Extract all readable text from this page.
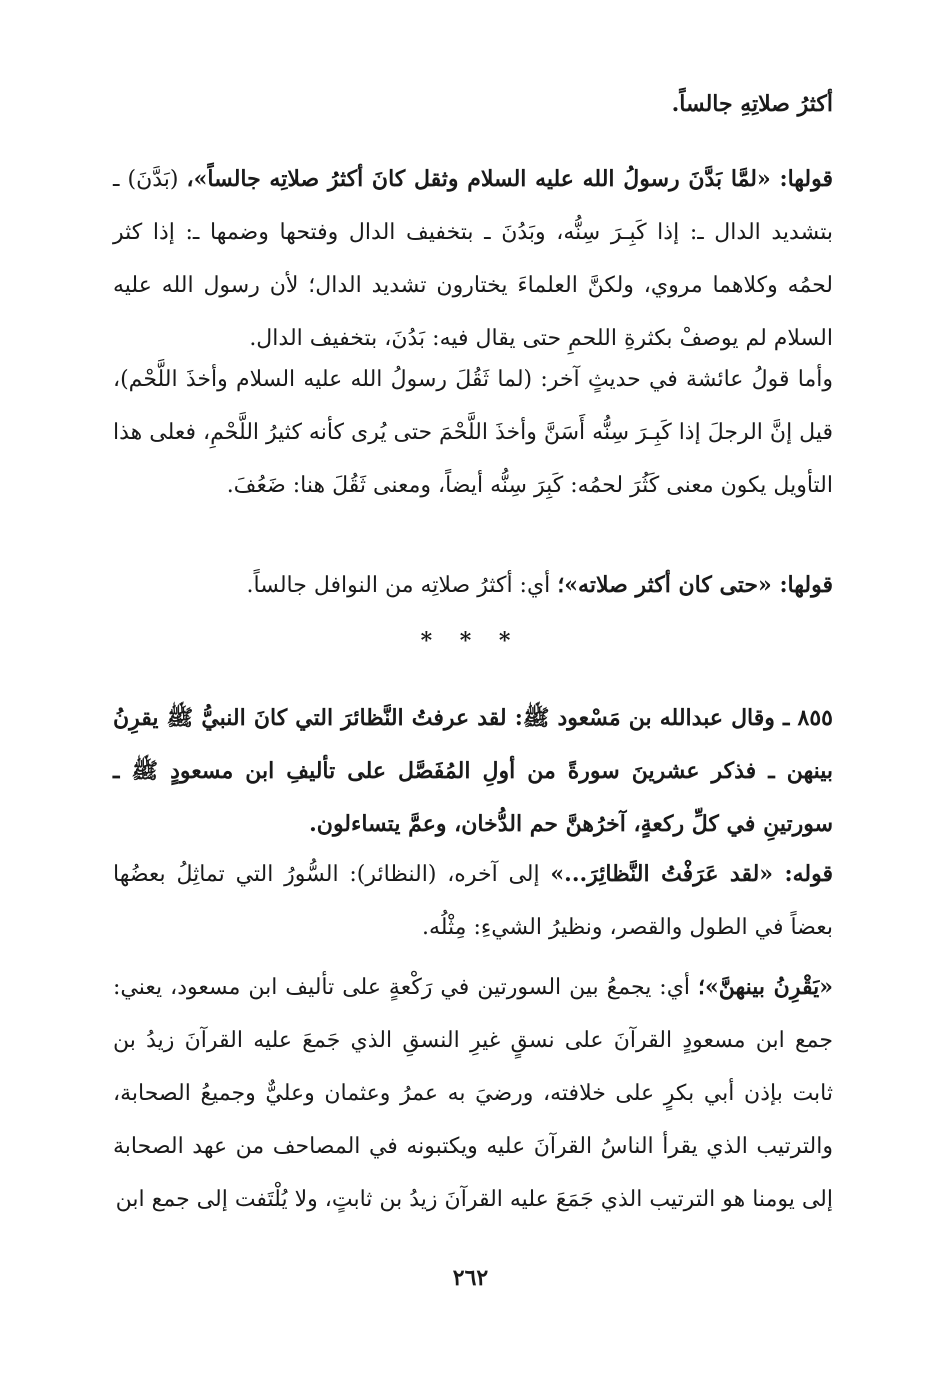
أكثرُ صلاتِهِ جالساً.

قولها: «لمَّا بَدَّنَ رسولُ الله عليه السلام وثقل كانَ أكثرُ صلاتِه جالساً»، (بَدَّنَ) ـ بتشديد الدال ـ: إذا كَبِـرَ سِنُّه، وبَدُنَ ـ بتخفيف الدال وفتحها وضمها ـ: إذا كثر لحمُه وكلاهما مروي، ولكنَّ العلماءَ يختارون تشديد الدال؛ لأن رسول الله عليه السلام لم يوصفْ بكثرةِ اللحمِ حتى يقال فيه: بَدُنَ، بتخفيف الدال.

وأما قولُ عائشة في حديثٍ آخر: (لما ثَقُلَ رسولُ الله عليه السلام وأخذَ اللَّحْم)، قيل إنَّ الرجلَ إذا كَبِـرَ سِنُّه أَسَنَّ وأخذَ اللَّحْمَ حتى يُرى كأنه كثيرُ اللَّحْمِ، فعلى هذا التأويل يكون معنى كَثُرَ لحمُه: كَبِرَ سِنُّه أيضاً، ومعنى ثَقُلَ هنا: ضَعُفَ.

قولها: «حتى كان أكثر صلاته»؛ أي: أكثرُ صلاتِه من النوافل جالساً.

* * *

٨٥٥ ـ وقال عبدالله بن مَسْعود ﷺ: لقد عرفتُ النَّظائرَ التي كانَ النبيُّ ﷺ يقرِنُ بينهن ـ فذكر عشرينَ سورةً من أولِ المُفَصَّل على تأليفِ ابن مسعودٍ ﷺ ـ سورتينِ في كلِّ ركعةٍ، آخرُهنَّ حم الدُّخان، وعمَّ يتساءلون.

قوله: «لقد عَرَفْتُ النَّظائِرَ...» إلى آخره، (النظائر): السُّورُ التي تماثِلُ بعضُها بعضاً في الطول والقصر، ونظيرُ الشيءِ: مِثْلُه.

«يَقْرِنُ بينهنَّ»؛ أي: يجمعُ بين السورتين في رَكْعةٍ على تأليف ابن مسعود، يعني: جمع ابن مسعودٍ القرآنَ على نسقٍ غيرِ النسقِ الذي جَمعَ عليه القرآنَ زيدُ بن ثابت بإذن أبي بكرٍ على خلافته، ورضيَ به عمرُ وعثمان وعليٌّ وجميعُ الصحابة، والترتيب الذي يقرأ الناسُ القرآنَ عليه ويكتبونه في المصاحف من عهد الصحابة إلى يومنا هو الترتيب الذي جَمَعَ عليه القرآنَ زيدُ بن ثابتٍ، ولا يُلْتَفت إلى جمع ابن

٢٦٢
